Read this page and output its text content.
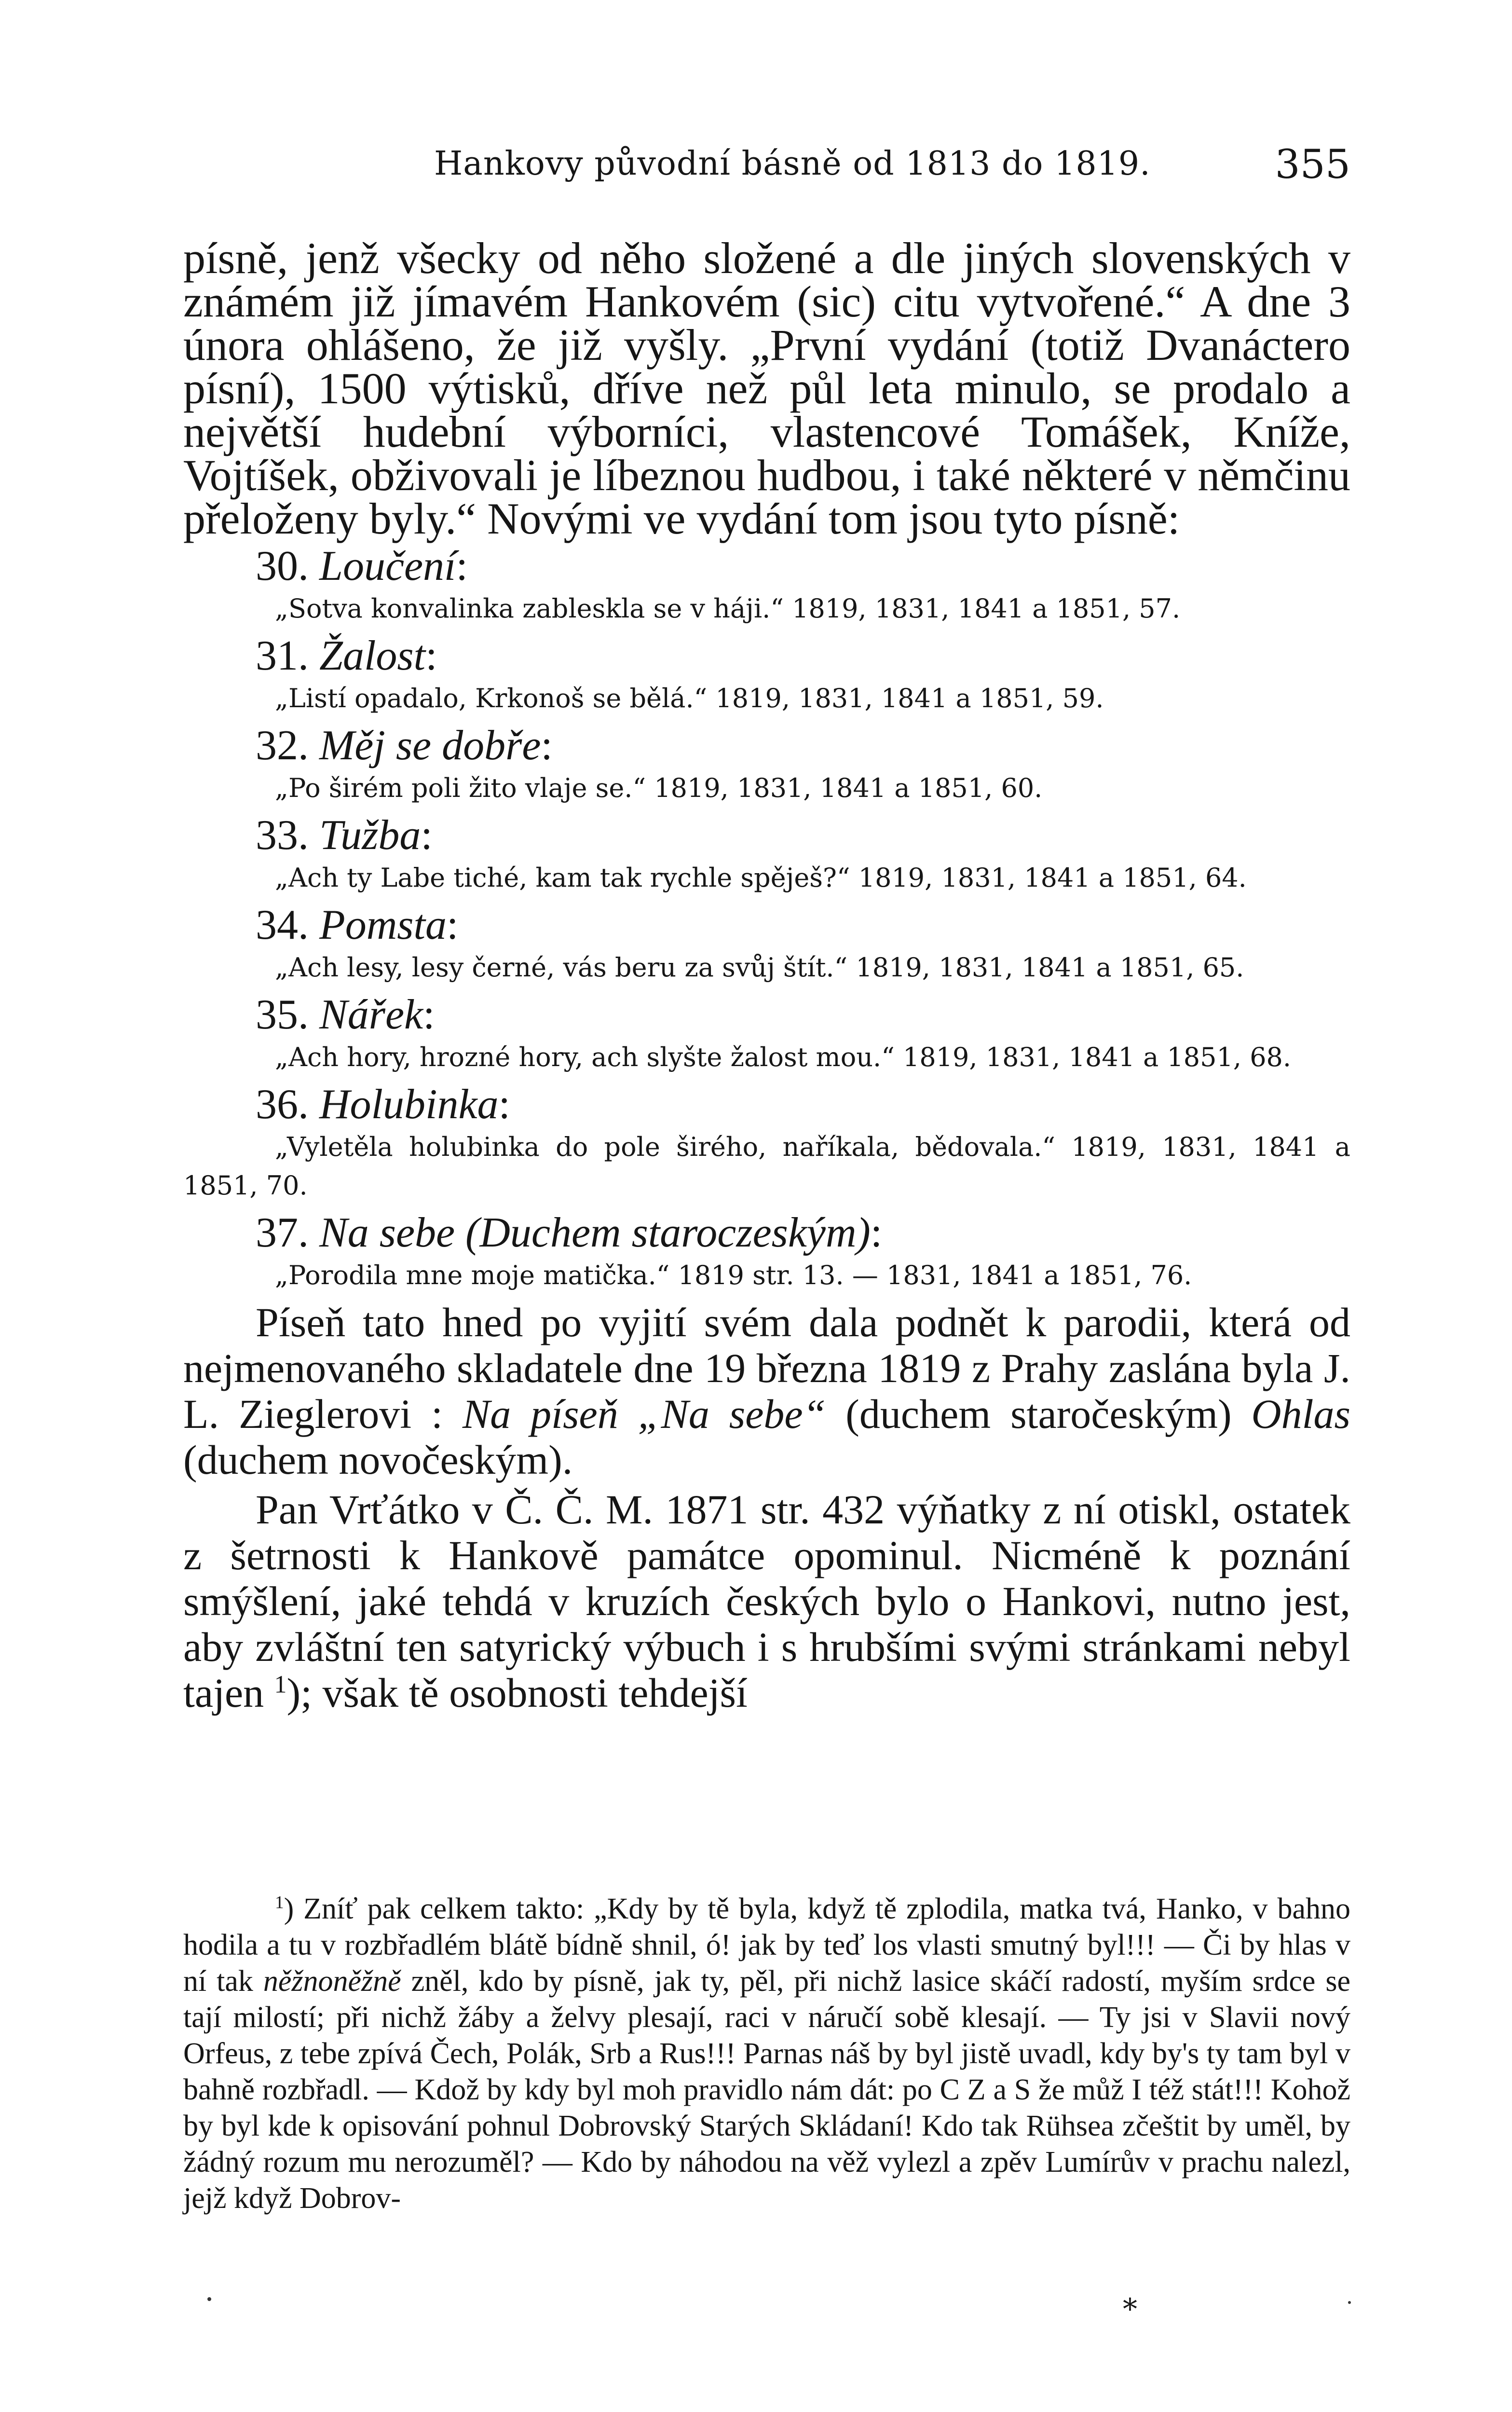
Hankovy původní básně od 1813 do 1819.	355

písně, jenž všecky od něho složené a dle jiných slovenských v známém již jímavém Hankovém (sic) citu vytvořené.“ A dne 3 února ohlášeno, že již vyšly. „První vydání (totiž Dvanáctero písní), 1500 výtisků, dříve než půl leta minulo, se prodalo a největší hudební výborníci, vlastencové Tomášek, Kníže, Vojtíšek, obživovali je líbeznou hudbou, i také některé v němčinu přeloženy byly.“ Novými ve vydání tom jsou tyto písně:

30. Loučení:

„Sotva konvalinka zableskla se v háji.“ 1819, 1831, 1841 a 1851, 57.

31. Žalost:

„Listí opadalo, Krkonoš se bělá.“ 1819, 1831, 1841 a 1851, 59.

32. Měj se dobře:

„Po širém poli žito vlaje se.“ 1819, 1831, 1841 a 1851, 60.

33. Tužba:

„Ach ty Labe tiché, kam tak rychle spěješ?“ 1819, 1831, 1841 a 1851, 64.

34. Pomsta:

„Ach lesy, lesy černé, vás beru za svůj štít.“ 1819, 1831, 1841 a 1851, 65.

35. Nářek:

„Ach hory, hrozné hory, ach slyšte žalost mou.“ 1819, 1831, 1841 a 1851, 68.

36. Holubinka:

„Vyletěla holubinka do pole širého, naříkala, bědovala.“ 1819, 1831, 1841 a 1851, 70.

37. Na sebe (Duchem staroczeským):

„Porodila mne moje matička.“ 1819 str. 13. — 1831, 1841 a 1851, 76.

Píseň tato hned po vyjití svém dala podnět k parodii, která od nejmenovaného skladatele dne 19 března 1819 z Prahy zaslána byla J. L. Zieglerovi : Na píseň „Na sebe“ (duchem staročeským) Ohlas (duchem novočeským).

Pan Vrťátko v Č. Č. M. 1871 str. 432 výňatky z ní otiskl, ostatek z šetrnosti k Hankově památce opominul. Nicméně k poznání smýšlení, jaké tehdá v kruzích českých bylo o Hankovi, nutno jest, aby zvláštní ten satyrický výbuch i s hrubšími svými stránkami nebyl tajen $^1$); však tě osobnosti tehdejší

$^1$) Zníť pak celkem takto: „Kdy by tě byla, když tě zplodila, matka tvá, Hanko, v bahno hodila a tu v rozbřadlém blátě bídně shnil, ó! jak by teď los vlasti smutný byl!!! — Či by hlas v ní tak něžnoněžně zněl, kdo by písně, jak ty, pěl, při nichž lasice skáčí radostí, myším srdce se tají milostí; při nichž žáby a želvy plesají, raci v náručí sobě klesají. — Ty jsi v Slavii nový Orfeus, z tebe zpívá Čech, Polák, Srb a Rus!!! Parnas náš by byl jistě uvadl, kdy by's ty tam byl v bahně rozbřadl. — Kdož by kdy byl moh pravidlo nám dát: po C Z a S že můž I též stát!!! Kohož by byl kde k opisování pohnul Dobrovský Starých Skládaní! Kdo tak Rühsea zčeštit by uměl, by žádný rozum mu nerozuměl? — Kdo by náhodou na věž vylezl a zpěv Lumírův v prachu nalezl, jejž když Dobrov-

*
